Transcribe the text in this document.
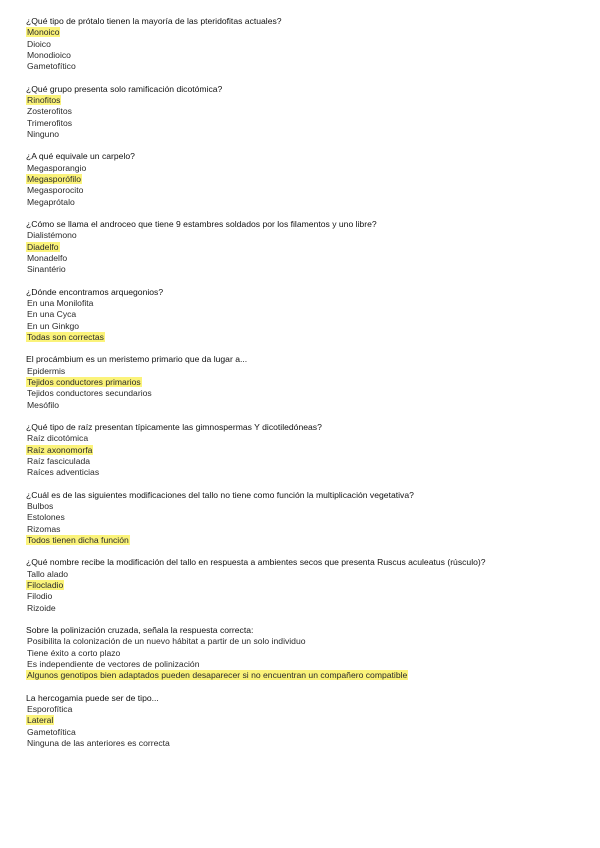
¿Qué tipo de prótalo tienen la mayoría de las pteridofitas actuales?
Monoico
Dioico
Monodioico
Gametofítico
¿Qué grupo presenta solo ramificación dicotómica?
Rinofitos
Zosterofitos
Trimerofitos
Ninguno
¿A qué equivale un carpelo?
Megasporangio
Megasporófilo
Megasporocito
Megaprótalo
¿Cómo se llama el androceo que tiene 9 estambres soldados por los filamentos y uno libre?
Dialistémono
Diadelfo
Monadelfo
Sinantério
¿Dónde encontramos arquegonios?
En una Monilofita
En una Cyca
En un Ginkgo
Todas son correctas
El procámbium es un meristemo primario que da lugar a...
Epidermis
Tejidos conductores primarios
Tejidos conductores secundarios
Mesófilo
¿Qué tipo de raíz presentan típicamente las gimnospermas Y dicotiledóneas?
Raíz dicotómica
Raíz axonomorfa
Raíz fasciculada
Raíces adventicias
¿Cuál es de las siguientes modificaciones del tallo no tiene como función la multiplicación vegetativa?
Bulbos
Estolones
Rizomas
Todos tienen dicha función
¿Qué nombre recibe la modificación del tallo en respuesta a ambientes secos que presenta Ruscus aculeatus (rúsculo)?
Tallo alado
Filocladio
Filodio
Rizoide
Sobre la polinización cruzada, señala la respuesta correcta:
Posibilita la colonización de un nuevo hábitat a partir de un solo individuo
Tiene éxito a corto plazo
Es independiente de vectores de polinización
Algunos genotipos bien adaptados pueden desaparecer si no encuentran un compañero compatible
La hercogamia puede ser de tipo...
Esporofítica
Lateral
Gametofítica
Ninguna de las anteriores es correcta
